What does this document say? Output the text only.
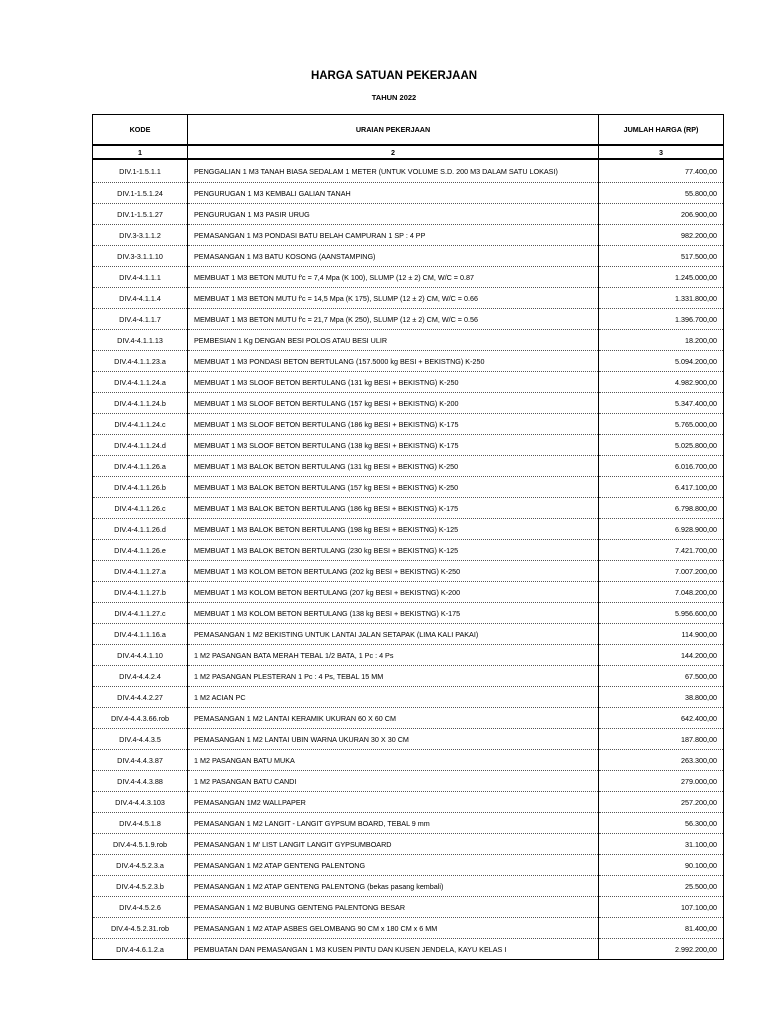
HARGA SATUAN PEKERJAAN
TAHUN 2022
KODE	URAIAN PEKERJAAN	JUMLAH HARGA (RP)
1	2	3
DIV.1-1.5.1.1	PENGGALIAN 1 M3 TANAH BIASA SEDALAM 1 METER (UNTUK VOLUME S.D. 200 M3 DALAM SATU LOKASI)	77.400,00
DIV.1-1.5.1.24	PENGURUGAN 1 M3 KEMBALI GALIAN TANAH	55.800,00
DIV.1-1.5.1.27	PENGURUGAN 1 M3 PASIR URUG	206.900,00
DIV.3-3.1.1.2	PEMASANGAN 1 M3 PONDASI BATU BELAH CAMPURAN 1 SP : 4 PP	982.200,00
DIV.3-3.1.1.10	PEMASANGAN 1 M3 BATU KOSONG (AANSTAMPING)	517.500,00
DIV.4-4.1.1.1	MEMBUAT 1 M3 BETON MUTU f'c = 7,4 Mpa (K 100), SLUMP (12 ± 2) CM, W/C = 0.87	1.245.000,00
DIV.4-4.1.1.4	MEMBUAT 1 M3 BETON MUTU f'c = 14,5 Mpa (K 175), SLUMP (12 ± 2) CM, W/C = 0.66	1.331.800,00
DIV.4-4.1.1.7	MEMBUAT 1 M3 BETON MUTU f'c = 21,7 Mpa (K 250), SLUMP (12 ± 2) CM, W/C = 0.56	1.396.700,00
DIV.4-4.1.1.13	PEMBESIAN 1 Kg DENGAN BESI POLOS ATAU BESI ULIR	18.200,00
DIV.4-4.1.1.23.a	MEMBUAT 1 M3 PONDASI BETON BERTULANG (157.5000 kg BESI + BEKISTNG) K-250	5.094.200,00
DIV.4-4.1.1.24.a	MEMBUAT 1 M3 SLOOF BETON BERTULANG (131 kg BESI + BEKISTNG) K-250	4.982.900,00
DIV.4-4.1.1.24.b	MEMBUAT 1 M3 SLOOF BETON BERTULANG (157 kg BESI + BEKISTNG) K-200	5.347.400,00
DIV.4-4.1.1.24.c	MEMBUAT 1 M3 SLOOF BETON BERTULANG (186 kg BESI + BEKISTNG) K-175	5.765.000,00
DIV.4-4.1.1.24.d	MEMBUAT 1 M3 SLOOF BETON BERTULANG (138 kg BESI + BEKISTNG) K-175	5.025.800,00
DIV.4-4.1.1.26.a	MEMBUAT 1 M3 BALOK BETON BERTULANG (131 kg BESI + BEKISTNG) K-250	6.016.700,00
DIV.4-4.1.1.26.b	MEMBUAT 1 M3 BALOK BETON BERTULANG (157 kg BESI + BEKISTNG) K-250	6.417.100,00
DIV.4-4.1.1.26.c	MEMBUAT 1 M3 BALOK BETON BERTULANG (186 kg BESI + BEKISTNG) K-175	6.798.800,00
DIV.4-4.1.1.26.d	MEMBUAT 1 M3 BALOK BETON BERTULANG (198 kg BESI + BEKISTNG) K-125	6.928.900,00
DIV.4-4.1.1.26.e	MEMBUAT 1 M3 BALOK BETON BERTULANG (230 kg BESI + BEKISTNG) K-125	7.421.700,00
DIV.4-4.1.1.27.a	MEMBUAT 1 M3 KOLOM BETON BERTULANG (202 kg BESI + BEKISTNG) K-250	7.007.200,00
DIV.4-4.1.1.27.b	MEMBUAT 1 M3 KOLOM BETON BERTULANG (207 kg BESI + BEKISTNG) K-200	7.048.200,00
DIV.4-4.1.1.27.c	MEMBUAT 1 M3 KOLOM BETON BERTULANG (138 kg BESI + BEKISTNG) K-175	5.956.600,00
DIV.4-4.1.1.16.a	PEMASANGAN 1 M2 BEKISTING UNTUK LANTAI JALAN SETAPAK (LIMA KALI PAKAI)	114.900,00
DIV.4-4.4.1.10	1 M2 PASANGAN BATA MERAH TEBAL 1/2 BATA, 1 Pc : 4 Ps	144.200,00
DIV.4-4.4.2.4	1 M2 PASANGAN PLESTERAN 1 Pc : 4 Ps, TEBAL 15 MM	67.500,00
DIV.4-4.4.2.27	1 M2 ACIAN PC	38.800,00
DIV.4-4.4.3.66.rob	PEMASANGAN 1 M2 LANTAI KERAMIK UKURAN 60 X 60 CM	642.400,00
DIV.4-4.4.3.5	PEMASANGAN 1 M2 LANTAI UBIN WARNA UKURAN 30 X 30 CM	187.800,00
DIV.4-4.4.3.87	1 M2 PASANGAN BATU MUKA	263.300,00
DIV.4-4.4.3.88	1 M2 PASANGAN BATU CANDI	279.000,00
DIV.4-4.4.3.103	PEMASANGAN 1M2 WALLPAPER	257.200,00
DIV.4-4.5.1.8	PEMASANGAN 1 M2 LANGIT - LANGIT GYPSUM BOARD, TEBAL 9 mm	56.300,00
DIV.4-4.5.1.9.rob	PEMASANGAN 1 M' LIST LANGIT LANGIT GYPSUMBOARD	31.100,00
DIV.4-4.5.2.3.a	PEMASANGAN 1 M2 ATAP GENTENG PALENTONG	90.100,00
DIV.4-4.5.2.3.b	PEMASANGAN 1 M2 ATAP GENTENG PALENTONG (bekas pasang kembali)	25.500,00
DIV.4-4.5.2.6	PEMASANGAN 1 M2 BUBUNG GENTENG PALENTONG BESAR	107.100,00
DIV.4-4.5.2.31.rob	PEMASANGAN 1 M2 ATAP ASBES GELOMBANG 90 CM x 180 CM x 6 MM	81.400,00
DIV.4-4.6.1.2.a	PEMBUATAN DAN PEMASANGAN 1 M3 KUSEN PINTU DAN KUSEN JENDELA, KAYU KELAS I	2.992.200,00
